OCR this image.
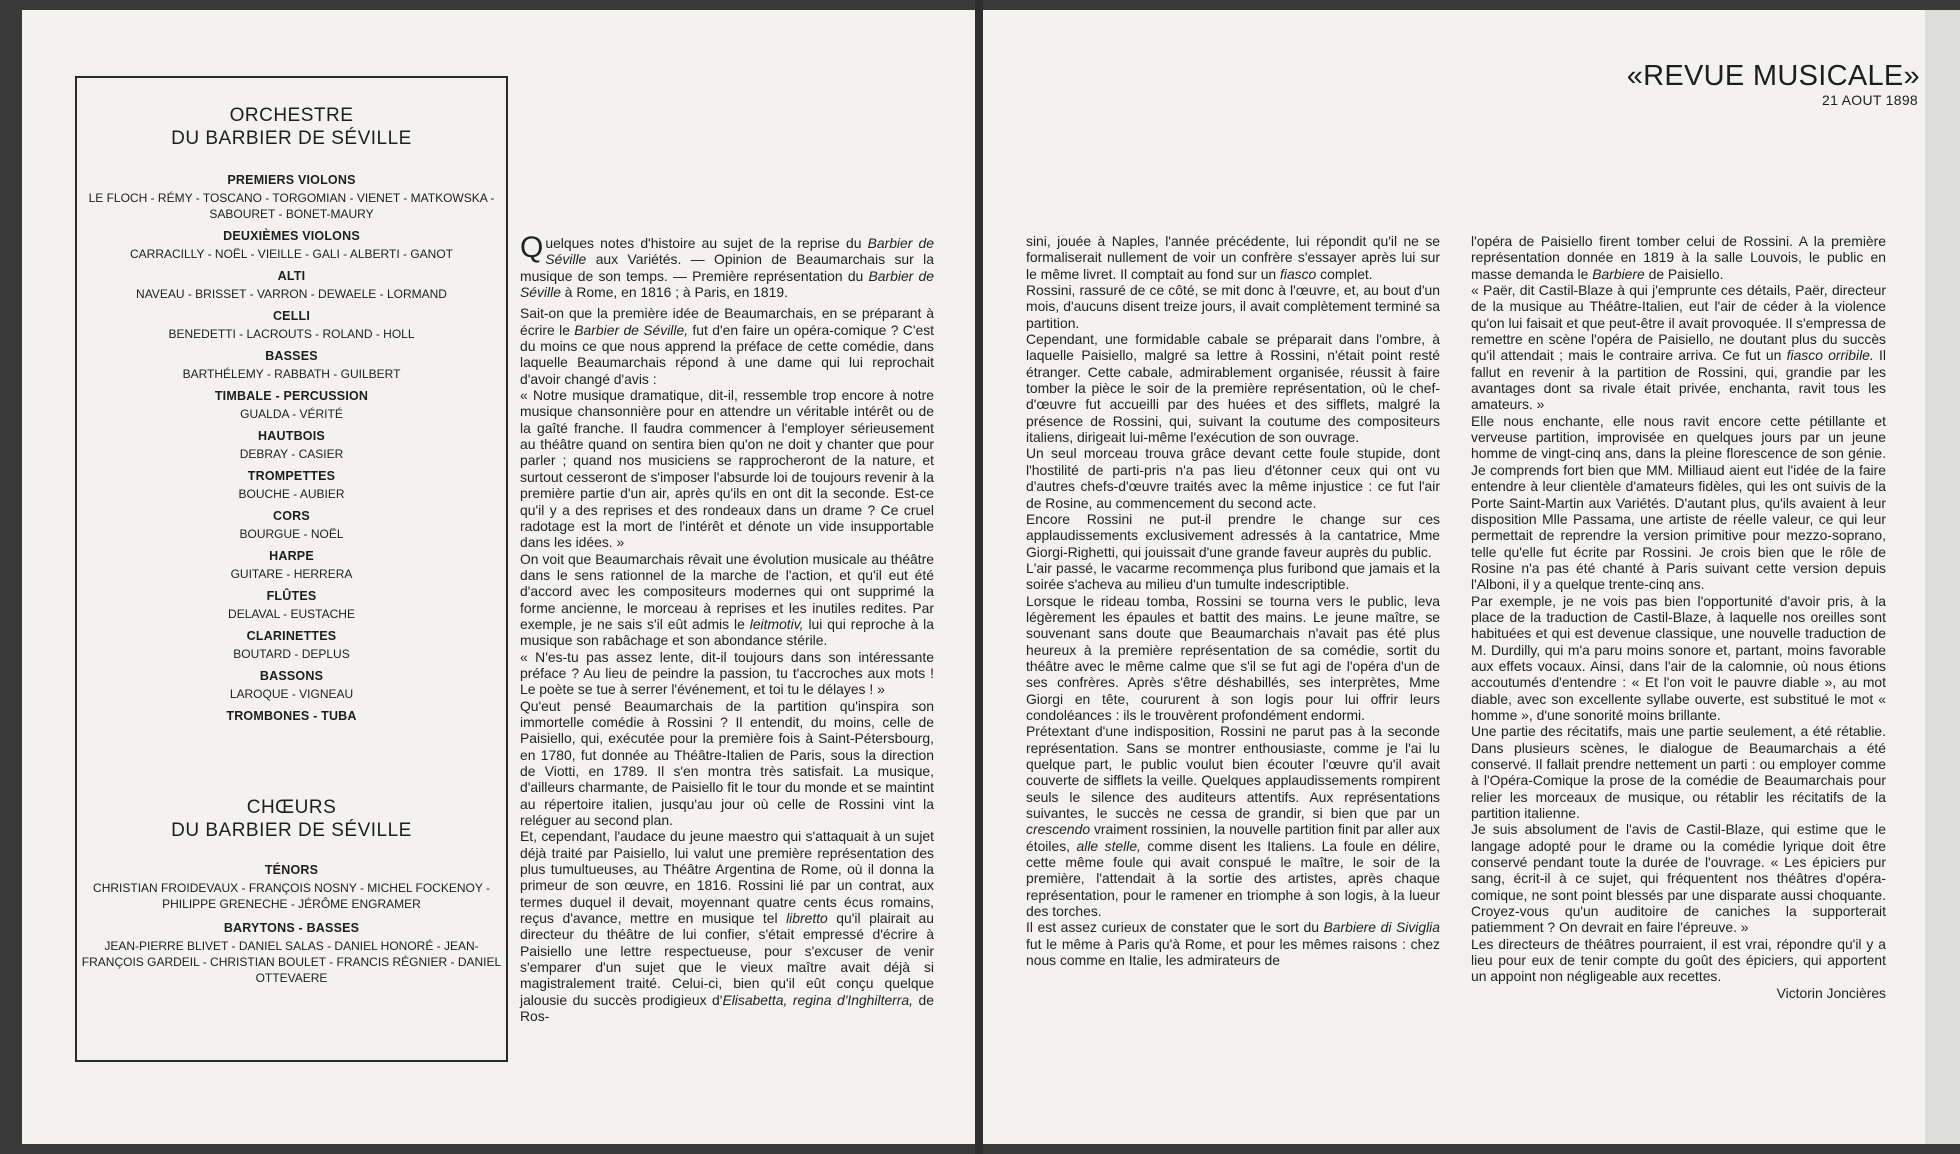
ORCHESTRE
DU BARBIER DE SÉVILLE
PREMIERS VIOLONS
LE FLOCH - RÉMY - TOSCANO - TORGOMIAN - VIENET - MATKOWSKA - SABOURET - BONET-MAURY
DEUXIÈMES VIOLONS
CARRACILLY - NOËL - VIEILLE - GALI - ALBERTI - GANOT
ALTI
NAVEAU - BRISSET - VARRON - DEWAELE - LORMAND
CELLI
BENEDETTI - LACROUTS - ROLAND - HOLL
BASSES
BARTHÉLEMY - RABBATH - GUILBERT
TIMBALE - PERCUSSION
GUALDA - VÉRITÉ
HAUTBOIS
DEBRAY - CASIER
TROMPETTES
BOUCHE - AUBIER
CORS
BOURGUE - NOËL
HARPE
GUITARE - HERRERA
FLÛTES
DELAVAL - EUSTACHE
CLARINETTES
BOUTARD - DEPLUS
BASSONS
LAROQUE - VIGNEAU
TROMBONES - TUBA
CHŒURS
DU BARBIER DE SÉVILLE
TÉNORS
CHRISTIAN FROIDEVAUX - FRANÇOIS NOSNY - MICHEL FOCKENOY - PHILIPPE GRENECHE - JÉRÔME ENGRAMER
BARYTONS - BASSES
JEAN-PIERRE BLIVET - DANIEL SALAS - DANIEL HONORÉ - JEAN-FRANÇOIS GARDEIL - CHRISTIAN BOULET - FRANCIS RÉGNIER - DANIEL OTTEVAERE

Quelques notes d'histoire au sujet de la reprise du Barbier de Séville aux Variétés. — Opinion de Beaumarchais sur la musique de son temps. — Première représentation du Barbier de Séville à Rome, en 1816 ; à Paris, en 1819.

Sait-on que la première idée de Beaumarchais, en se préparant à écrire le Barbier de Séville, fut d'en faire un opéra-comique ? C'est du moins ce que nous apprend la préface de cette comédie, dans laquelle Beaumarchais répond à une dame qui lui reprochait d'avoir changé d'avis :

« Notre musique dramatique, dit-il, ressemble trop encore à notre musique chansonnière pour en attendre un véritable intérêt ou de la gaîté franche. Il faudra commencer à l'employer sérieusement au théâtre quand on sentira bien qu'on ne doit y chanter que pour parler ; quand nos musiciens se rapprocheront de la nature, et surtout cesseront de s'imposer l'absurde loi de toujours revenir à la première partie d'un air, après qu'ils en ont dit la seconde. Est-ce qu'il y a des reprises et des rondeaux dans un drame ? Ce cruel radotage est la mort de l'intérêt et dénote un vide insupportable dans les idées. »

On voit que Beaumarchais rêvait une évolution musicale au théâtre dans le sens rationnel de la marche de l'action, et qu'il eut été d'accord avec les compositeurs modernes qui ont supprimé la forme ancienne, le morceau à reprises et les inutiles redites. Par exemple, je ne sais s'il eût admis le leitmotiv, lui qui reproche à la musique son rabâchage et son abondance stérile.

« N'es-tu pas assez lente, dit-il toujours dans son intéressante préface ? Au lieu de peindre la passion, tu t'accroches aux mots ! Le poète se tue à serrer l'événement, et toi tu le délayes ! »

Qu'eut pensé Beaumarchais de la partition qu'inspira son immortelle comédie à Rossini ? Il entendit, du moins, celle de Paisiello, qui, exécutée pour la première fois à Saint-Pétersbourg, en 1780, fut donnée au Théâtre-Italien de Paris, sous la direction de Viotti, en 1789. Il s'en montra très satisfait. La musique, d'ailleurs charmante, de Paisiello fit le tour du monde et se maintint au répertoire italien, jusqu'au jour où celle de Rossini vint la reléguer au second plan.

Et, cependant, l'audace du jeune maestro qui s'attaquait à un sujet déjà traité par Paisiello, lui valut une première représentation des plus tumultueuses, au Théâtre Argentina de Rome, où il donna la primeur de son œuvre, en 1816. Rossini lié par un contrat, aux termes duquel il devait, moyennant quatre cents écus romains, reçus d'avance, mettre en musique tel libretto qu'il plairait au directeur du théâtre de lui confier, s'était empressé d'écrire à Paisiello une lettre respectueuse, pour s'excuser de venir s'emparer d'un sujet que le vieux maître avait déjà si magistralement traité. Celui-ci, bien qu'il eût conçu quelque jalousie du succès prodigieux d'Elisabetta, regina d'Inghilterra, de Ros-

«REVUE MUSICALE»
21 AOUT 1898

sini, jouée à Naples, l'année précédente, lui répondit qu'il ne se formaliserait nullement de voir un confrère s'essayer après lui sur le même livret. Il comptait au fond sur un fiasco complet.

Rossini, rassuré de ce côté, se mit donc à l'œuvre, et, au bout d'un mois, d'aucuns disent treize jours, il avait complètement terminé sa partition.

Cependant, une formidable cabale se préparait dans l'ombre, à laquelle Paisiello, malgré sa lettre à Rossini, n'était point resté étranger. Cette cabale, admirablement organisée, réussit à faire tomber la pièce le soir de la première représentation, où le chef-d'œuvre fut accueilli par des huées et des sifflets, malgré la présence de Rossini, qui, suivant la coutume des compositeurs italiens, dirigeait lui-même l'exécution de son ouvrage.

Un seul morceau trouva grâce devant cette foule stupide, dont l'hostilité de parti-pris n'a pas lieu d'étonner ceux qui ont vu d'autres chefs-d'œuvre traités avec la même injustice : ce fut l'air de Rosine, au commencement du second acte.

Encore Rossini ne put-il prendre le change sur ces applaudissements exclusivement adressés à la cantatrice, Mme Giorgi-Righetti, qui jouissait d'une grande faveur auprès du public.

L'air passé, le vacarme recommença plus furibond que jamais et la soirée s'acheva au milieu d'un tumulte indescriptible.

Lorsque le rideau tomba, Rossini se tourna vers le public, leva légèrement les épaules et battit des mains. Le jeune maître, se souvenant sans doute que Beaumarchais n'avait pas été plus heureux à la première représentation de sa comédie, sortit du théâtre avec le même calme que s'il se fut agi de l'opéra d'un de ses confrères. Après s'être déshabillés, ses interprètes, Mme Giorgi en tête, coururent à son logis pour lui offrir leurs condoléances : ils le trouvèrent profondément endormi.

Prétextant d'une indisposition, Rossini ne parut pas à la seconde représentation. Sans se montrer enthousiaste, comme je l'ai lu quelque part, le public voulut bien écouter l'œuvre qu'il avait couverte de sifflets la veille. Quelques applaudissements rompirent seuls le silence des auditeurs attentifs. Aux représentations suivantes, le succès ne cessa de grandir, si bien que par un crescendo vraiment rossinien, la nouvelle partition finit par aller aux étoiles, alle stelle, comme disent les Italiens. La foule en délire, cette même foule qui avait conspué le maître, le soir de la première, l'attendait à la sortie des artistes, après chaque représentation, pour le ramener en triomphe à son logis, à la lueur des torches.

Il est assez curieux de constater que le sort du Barbiere di Siviglia fut le même à Paris qu'à Rome, et pour les mêmes raisons : chez nous comme en Italie, les admirateurs de

l'opéra de Paisiello firent tomber celui de Rossini. A la première représentation donnée en 1819 à la salle Louvois, le public en masse demanda le Barbiere de Paisiello.

« Paër, dit Castil-Blaze à qui j'emprunte ces détails, Paër, directeur de la musique au Théâtre-Italien, eut l'air de céder à la violence qu'on lui faisait et que peut-être il avait provoquée. Il s'empressa de remettre en scène l'opéra de Paisiello, ne doutant plus du succès qu'il attendait ; mais le contraire arriva. Ce fut un fiasco orribile. Il fallut en revenir à la partition de Rossini, qui, grandie par les avantages dont sa rivale était privée, enchanta, ravit tous les amateurs. »

Elle nous enchante, elle nous ravit encore cette pétillante et verveuse partition, improvisée en quelques jours par un jeune homme de vingt-cinq ans, dans la pleine florescence de son génie. Je comprends fort bien que MM. Milliaud aient eut l'idée de la faire entendre à leur clientèle d'amateurs fidèles, qui les ont suivis de la Porte Saint-Martin aux Variétés. D'autant plus, qu'ils avaient à leur disposition Mlle Passama, une artiste de réelle valeur, ce qui leur permettait de reprendre la version primitive pour mezzo-soprano, telle qu'elle fut écrite par Rossini. Je crois bien que le rôle de Rosine n'a pas été chanté à Paris suivant cette version depuis l'Alboni, il y a quelque trente-cinq ans.

Par exemple, je ne vois pas bien l'opportunité d'avoir pris, à la place de la traduction de Castil-Blaze, à laquelle nos oreilles sont habituées et qui est devenue classique, une nouvelle traduction de M. Durdilly, qui m'a paru moins sonore et, partant, moins favorable aux effets vocaux. Ainsi, dans l'air de la calomnie, où nous étions accoutumés d'entendre : « Et l'on voit le pauvre diable », au mot diable, avec son excellente syllabe ouverte, est substitué le mot « homme », d'une sonorité moins brillante.

Une partie des récitatifs, mais une partie seulement, a été rétablie. Dans plusieurs scènes, le dialogue de Beaumarchais a été conservé. Il fallait prendre nettement un parti : ou employer comme à l'Opéra-Comique la prose de la comédie de Beaumarchais pour relier les morceaux de musique, ou rétablir les récitatifs de la partition italienne.

Je suis absolument de l'avis de Castil-Blaze, qui estime que le langage adopté pour le drame ou la comédie lyrique doit être conservé pendant toute la durée de l'ouvrage. « Les épiciers pur sang, écrit-il à ce sujet, qui fréquentent nos théâtres d'opéra-comique, ne sont point blessés par une disparate aussi choquante. Croyez-vous qu'un auditoire de caniches la supporterait patiemment ? On devrait en faire l'épreuve. »

Les directeurs de théâtres pourraient, il est vrai, répondre qu'il y a lieu pour eux de tenir compte du goût des épiciers, qui apportent un appoint non négligeable aux recettes.

Victorin Joncières
